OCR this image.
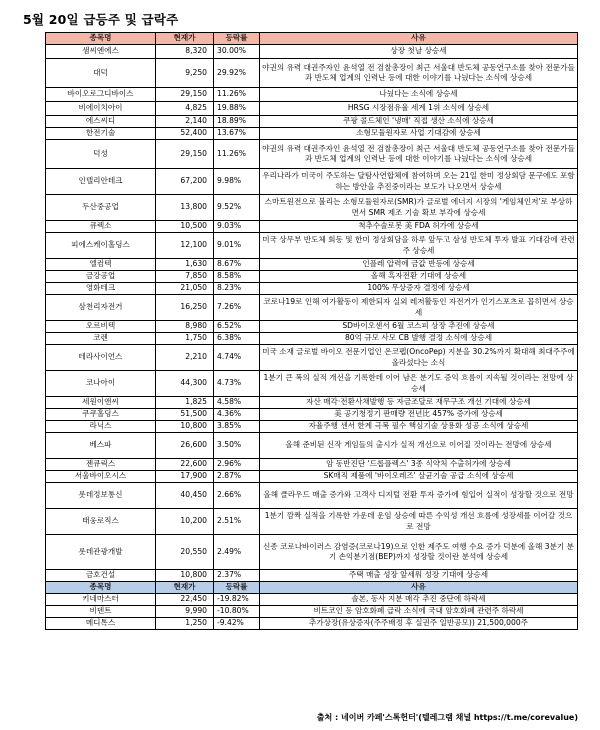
5월 20일 급등주 및 급락주
종목명	현재가	등락률	사유
샘씨엔에스	8,320	30.00%	상장 첫날 상승세
대덕	9,250	29.92%	야권의 유력 대권주자인 윤석열 전 검찰총장이 최근 서울대 반도체 공동연구소를 찾아 전문가들과 반도체 업계의 인력난 등에 대한 이야기를 나눴다는 소식에 상승세
바이오로그디바이스	29,150	11.26%	나눴다는 소식에 상승세
비에이치아이	4,825	19.88%	HRSG 시장점유율 세계 1위 소식에 상승세
에스씨디	2,140	18.89%	쿠팡 콜드체인 '냉매' 직접 생산 소식에 상승세
한전기술	52,400	13.67%	소형모듈원자로 사업 기대감에 상승세
덕성	29,150	11.26%	야권의 유력 대권주자인 윤석열 전 검찰총장이 최근 서울대 반도체 공동연구소를 찾아 전문가들과 반도체 업계의 인력난 등에 대한 이야기를 나눴다는 소식에 상승세
인텔리안테크	67,200	9.98%	우리나라가 미국이 주도하는 달탐사연합체에 참여하며 오는 21일 한미 정상회담 문구에도 포함하는 방안을 추진중이라는 보도가 나오면서 상승세
두산중공업	13,800	9.52%	스마트원전으로 불리는 소형모듈원자로(SMR)가 글로벌 에너지 시장의 '게임체인저'로 부상하면서 SMR 제조 기술 확보 부각에 상승세
큐렉소	10,500	9.03%	척추수술로봇 美 FDA 허가에 상승세
피에스케이홀딩스	12,100	9.01%	미국 상무부 반도체 회동 및 한미 정상회담을 하루 앞두고 삼성 반도체 투자 발표 기대감에 관련주 상승세
엘컴텍	1,630	8.67%	인플레 압력에 금값 반등에 상승세
금강공업	7,850	8.58%	올해 흑자전환 기대에 상승세
영화테크	21,050	8.23%	100% 무상증자 결정에 상승세
삼천리자전거	16,250	7.26%	코로나19로 인해 여가활동이 제한되자 실외 레저활동인 자전거가 인기스포츠로 꼽히면서 상승세
오르비텍	8,980	6.52%	SD바이오센서 6월 코스피 상장 추진에 상승세
코렌	1,750	6.38%	80억 규모 사모 CB 발행 결정 소식에 상승세
테라사이언스	2,210	4.74%	미국 소재 글로벌 바이오 전문기업인 온코펩(OncoPep) 지분을 30.2%까지 확대해 최대주주에 올라섰다는 소식
코나아이	44,300	4.73%	1분기 큰 폭의 실적 개선을 기록한데 이어 남은 분기도 증익 흐름이 지속될 것이라는 전망에 상승세
세원이앤씨	1,825	4.58%	자산 매각·전환사채발행 등 자금조달로 재무구조 개선 기대에 상승세
쿠쿠홀딩스	51,500	4.36%	美 공기청정기 판매량 전년比 457% 증가에 상승세
라닉스	10,800	3.85%	자율주행 센서 한계 극복 필수 핵심기술 상용화 성공 소식에 상승세
베스파	26,600	3.50%	올해 준비된 신작 게임들의 출시가 실적 개선으로 이어질 것이라는 전망에 상승세
젠큐릭스	22,600	2.96%	암 동반진단 '드롭플렉스' 3종 식약처 수출허가에 상승세
서울바이오시스	17,900	2.87%	SK매직 제품에 '바이오레즈' 살균기술 공급 소식에 상승세
롯데정보통신	40,450	2.66%	올해 클라우드 매출 증가와 고객사 디지털 전환 투자 증가에 힘입어 실적이 성장할 것으로 전망
태웅로직스	10,200	2.51%	1분기 깜짝 실적을 기록한 가운데 운임 상승에 따른 수익성 개선 흐름에 성장세를 이어갈 것으로 전망
롯데관광개발	20,550	2.49%	신종 코로나바이러스 감염증(코로나19)으로 인한 제주도 여행 수요 증가 덕분에 올해 3분기 분기 손익분기점(BEP)까지 성장할 것이란 분석에 상승세
금호건설	10,800	2.37%	주택 매출 성장 앞세워 성장 기대에 상승세
종목명	현재가	등락률	사유
키네마스터	22,450	-19.82%	솔본, 동사 지분 매각 추진 중단에 하락세
비덴트	9,990	-10.80%	비트코인 등 암호화폐 급락 소식에 국내 암호화폐 관련주 하락세
메디톡스	1,250	-9.42%	추가상장(유상증자(주주배정 후 실권주 일반공모)) 21,500,000주
출처 : 네이버 카페'스톡헌터'(텔레그램 채널 https://t.me/corevalue)
